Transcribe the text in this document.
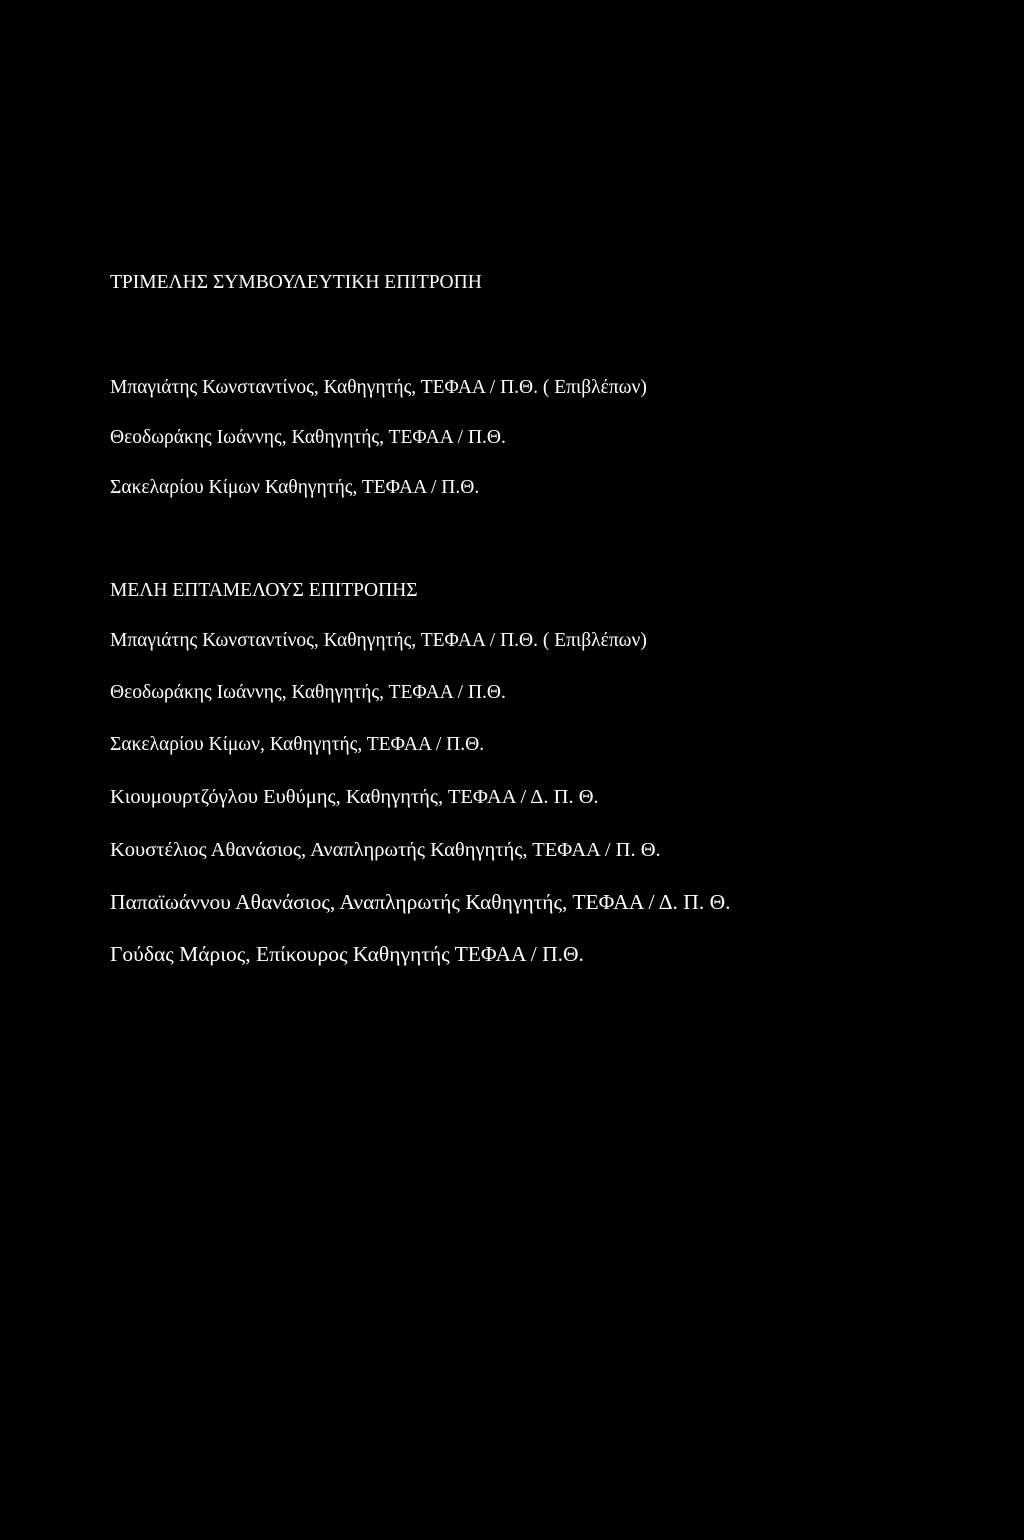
ΤΡΙΜΕΛΗΣ ΣΥΜΒΟΥΛΕΥΤΙΚΗ ΕΠΙΤΡΟΠΗ
Μπαγιάτης Κωνσταντίνος, Καθηγητής, ΤΕΦΑΑ / Π.Θ. ( Επιβλέπων)
Θεοδωράκης Ιωάννης, Καθηγητής, ΤΕΦΑΑ / Π.Θ.
Σακελαρίου Κίμων Καθηγητής, ΤΕΦΑΑ / Π.Θ.
ΜΕΛΗ ΕΠΤΑΜΕΛΟΥΣ ΕΠΙΤΡΟΠΗΣ
Μπαγιάτης Κωνσταντίνος, Καθηγητής, ΤΕΦΑΑ / Π.Θ. ( Επιβλέπων)
Θεοδωράκης Ιωάννης, Καθηγητής, ΤΕΦΑΑ / Π.Θ.
Σακελαρίου Κίμων, Καθηγητής, ΤΕΦΑΑ / Π.Θ.
Κιουμουρτζόγλου Ευθύμης, Καθηγητής, ΤΕΦΑΑ / Δ. Π. Θ.
Κουστέλιος Αθανάσιος, Αναπληρωτής Καθηγητής, ΤΕΦΑΑ / Π. Θ.
Παπαϊωάννου Αθανάσιος, Αναπληρωτής Καθηγητής, ΤΕΦΑΑ / Δ. Π. Θ.
Γούδας Μάριος, Επίκουρος Καθηγητής ΤΕΦΑΑ / Π.Θ.
